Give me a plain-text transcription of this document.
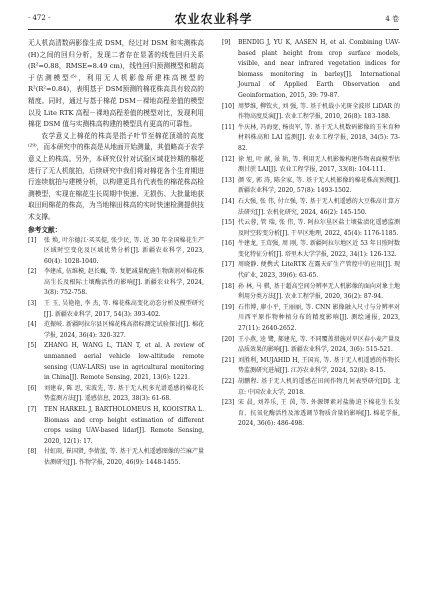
· 472 ·	农业农业科学	4 卷

无人机高清数码影像生成 DSM，经过对 DSM 和实测株高 (H)之间的回归分析，发现二者存在显著的线性回归关系(R²=0.88，RMSE=8.49 cm)，线性回归预测模型和精高于估测模型⁽⁵⁾，利用无人机影像所建株高模型的R²(R²=0.84)，表明基于 DSM预测的棉花株高具有较高的精度。同时，通过与基于棉花 DSM－裸地高程差值的模型以及 Lite RTK 高程－裸地高程差值的模型对比，发现利用棉花 DSM 值与实测株高构建的模型具有更高的可靠性。

农学意义上棉花的株高是指子叶节至棉花顶端的高度⁽²⁹⁾，而本研究中的株高是从地面开始测量，其值略高于农学意义上的株高。另外，本研究仅针对试验区域花铃期的棉花进行了无人机航拍，后续研究中我们将对棉花各个生育期进行连续航拍与建模分析，以构建更具有代表性的棉花株高检测模型，实现在棉花生长周期中快速、无损伤、大批量地获取田间棉花的株高，为当地棉田株高的实时快速检测提供技术支撑。

参考文献：

[1]	张 焕, 叶尔德江·买买提, 张少民, 等. 近 30 年全国棉花生产区域时空变化及区域优势分析[J]. 新疆农业科学, 2023, 60(4): 1028-1040.
[2]	李建成, 伍维模, 赵长巍, 等. 复肥减量配施生物菌剂对棉花株高生长及根际土壤酶活性的影响[J]. 新疆农业科学, 2024, 3(8): 752-758.
[3]	王 玉, 吴艳艳, 李 杰, 等. 棉花株高变化动态分析及模型研究[J]. 新疆农业科学, 2017, 54(3): 393-402.
[4]	范振岐. 新疆阿拉尔县区棉花株高指标测定试验探讨[J]. 棉花学报, 2024, 36(4): 320-327.
[5]	ZHANG H, WANG L, TIAN T, et al. A review of unmanned aerial vehicle low-altitude remote sensing (UAV-LARS) use in agricultural monitoring in China[J]. Remote Sensing, 2021, 13(6): 1221.
[6]	刘建春, 陈 思, 宋波先, 等. 基于无人机多光谱遥感的棉花长势监测方法[J]. 遥感信息, 2023, 38(3): 61-68.
[7]	TEN HARKEL J, BARTHOLOMEUS H, KOOISTRA L. Biomass and crop height estimation of different crops using UAV-based lidar[J]. Remote Sensing, 2020, 12(1): 17.
[8]	付虹雨, 崔国贤, 李倩蓝, 等. 基于无人机遥感图像的苎麻产量估测研究[J]. 作物学报, 2020, 46(9): 1448-1455.
[9]	BENDIG J, YU K, AASEN H, et al. Combining UAV-based plant height from crop surface models, visible, and near infrared vegetation indices for biomass monitoring in barley[J]. International Journal of Applied Earth Observation and Geoinformation, 2015, 39: 79-87.
[10] 周梦维, 柳钦火, 刘 强, 等. 基于机载小光斑全波形 LiDAR 的作物高度反演[J]. 农业工程学报, 2010, 26(8): 183-188.
[11] 牛庆林, 冯海宽, 杨贵军, 等. 基于无人机数码影像的玉米育种材料株高和 LAI 监测[J]. 农业工程学报, 2018, 34(5): 73-82.
[12] 徐 旭, 叶 献, 景 轨, 等. 利用无人机影像构建作物表面模型估测甘蔗 LAI[J]. 农业工程学报, 2017, 33(8): 104-111.
[13] 颜 安, 郭 涛, 陈全家, 等. 基于无人机影像的棉花株高预测[J]. 新疆农业科学, 2020, 57(8): 1493-1502.
[14] 石大强, 张 伟, 付立强, 等. 基于无人机遥感的大豆株高计算方法研究[J]. 农机化研究, 2024, 46(2): 145-150.
[15] 代云蓉, 管 瑞, 张 伟, 等. 阿拉尔垦区盐土壤盐渍化遥感监测及时空转变分析[J]. 干旱区地理, 2022, 45(4): 1176-1185.
[16] 牛建龙, 王茸强, 周 刚, 等. 新疆阿拉尔地区近 53 年日照时数变化特征分析[J]. 塔里木大学学报, 2022, 34(1): 126-132.
[17] 周晓静. 便携式 LiteRTK 在露天矿生产管控中的应用[J]. 现代矿业, 2023, 39(6): 63-65.
[18] 孙 林, 马 骐, 基于超高空间分辨率无人机影像的面向对象土地利用分类方法[J]. 农业工程学报, 2020, 36(2): 87-94.
[19] 石伟博, 廖小平, 王丽丽, 等. CNN 影像融入尺寸与分辨率对川西平原作物种植分布的精度影响[J]. 测绘通报, 2023, 27(11): 2640-2652.
[20] 王小燕, 逵 鹭, 郝建光, 等. 不同覆盖措施对旱区春小麦产量及品质效果的影响[J]. 新疆农业科学, 2024, 3(6): 515-521.
[21] 刘胜利, MUJAHID H, 王国宾, 等. 基于无人机遥感的作物长势监测研究进展[J]. 江苏农业科学, 2024, 52(8): 8-15.
[22] 胡鹏程. 基于无人机的遥感在田间作物几何表型研究[D]. 北京: 中国农业大学, 2018.
[23] 宋 晨, 刘养乐, 王 茵, 等. 外源钾素对盐胁迫下棉花生长发育、抗氧化酶活性及渗透调节物质含量的影响[J]. 棉花学报, 2024, 36(6): 486-498.
